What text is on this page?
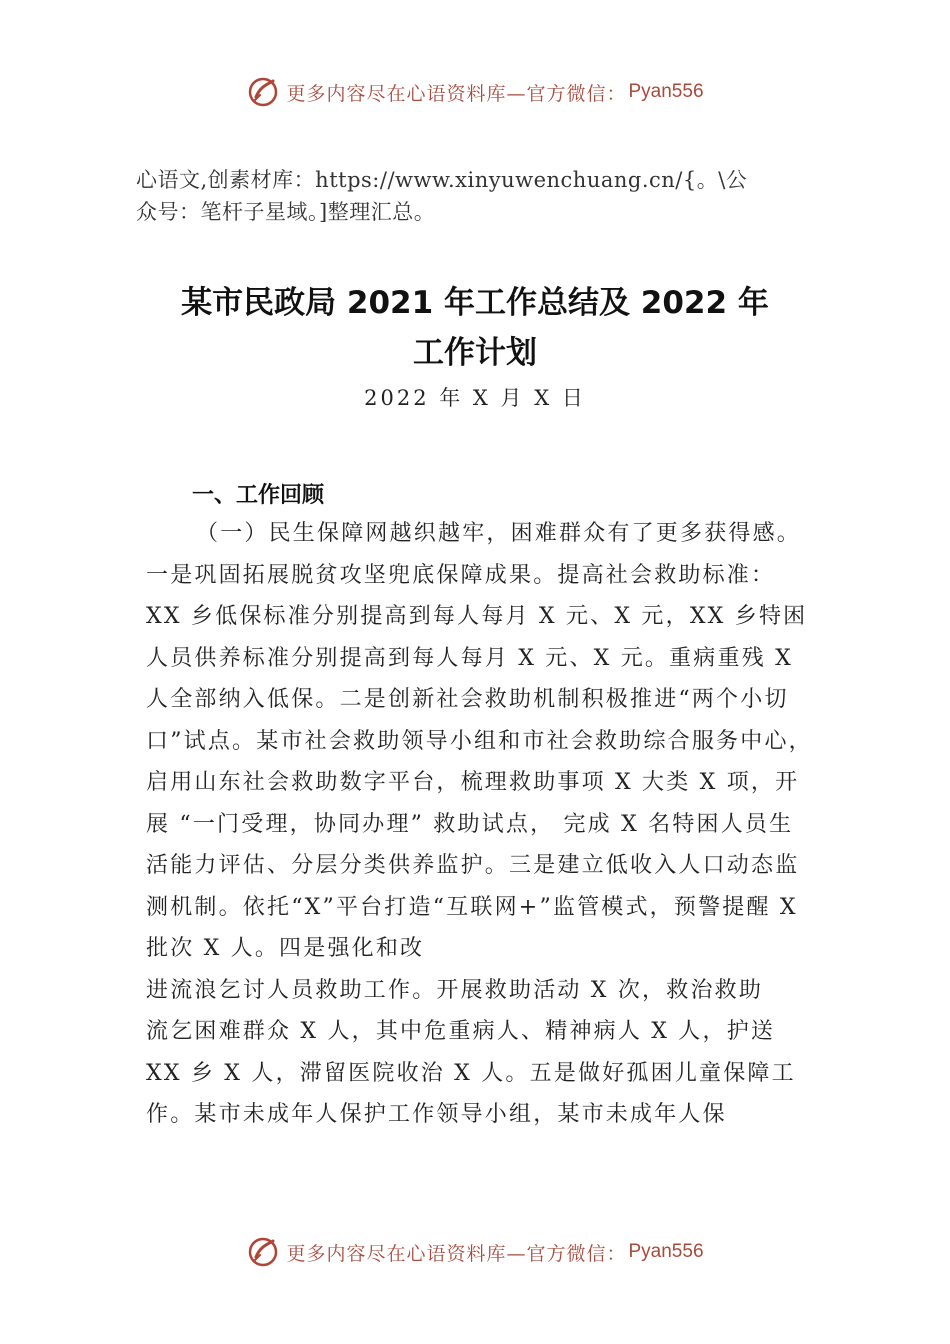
更多内容尽在心语资料库—官方微信： Pyan556
心语文,创素材库：https://www.xinyuwenchuang.cn/{。\公
众号：笔杆子星域。]整理汇总。
某市民政局 2021 年工作总结及 2022 年
工作计划
2022 年 X 月 X 日
一、工作回顾
（一）民生保障网越织越牢，困难群众有了更多获得感。
一是巩固拓展脱贫攻坚兜底保障成果。提高社会救助标准：
XX 乡低保标准分别提高到每人每月 X 元、X 元，XX 乡特困
人员供养标准分别提高到每人每月 X 元、X 元。重病重残 X
人全部纳入低保。二是创新社会救助机制积极推进“两个小切
口”试点。某市社会救助领导小组和市社会救助综合服务中心，
启用山东社会救助数字平台，梳理救助事项 X 大类 X 项，开
展 “一门受理，协同办理” 救助试点， 完成 X 名特困人员生
活能力评估、分层分类供养监护。三是建立低收入人口动态监
测机制。依托“X”平台打造“互联网+”监管模式，预警提醒 X
批次 X 人。四是强化和改
进流浪乞讨人员救助工作。开展救助活动 X 次，救治救助
流乞困难群众 X 人，其中危重病人、精神病人 X 人，护送
XX 乡 X 人，滞留医院收治 X 人。五是做好孤困儿童保障工
作。某市未成年人保护工作领导小组，某市未成年人保
更多内容尽在心语资料库—官方微信： Pyan556
